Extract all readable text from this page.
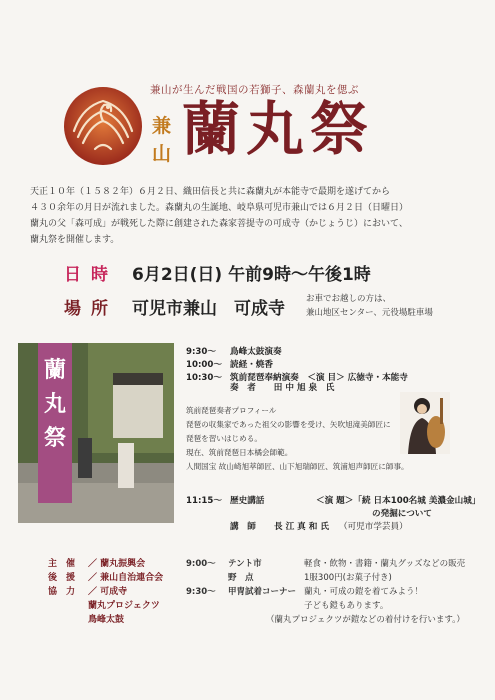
兼山が生んだ戦国の若獅子、森蘭丸を偲ぶ
兼
山 蘭丸祭
天正１０年（１５８２年）６月２日、織田信長と共に森蘭丸が本能寺で最期を遂げてから
４３０余年の月日が流れました。森蘭丸の生誕地、岐阜県可児市兼山では６月２日（日曜日）
蘭丸の父「森可成」が戦死した際に創建された森家菩提寺の可成寺（かじょうじ）において、
蘭丸祭を開催します。
日時 6月2日(日) 午前9時～午後1時
場所 可児市兼山　可成寺 お車でお越しの方は、
兼山地区センター、元役場駐車場
蘭丸祭
9:30～ 鳥峰太鼓演奏
10:00～ 読経・焼香
10:30～ 筑前琵琶奉納演奏　＜演 目＞ 広徳寺・本能寺
奏　者 田 中 旭 泉　氏
筑前琵琶奏者プロフィール
琵琶の収集家であった祖父の影響を受け、矢吹旭滝美師匠に
琵琶を習いはじめる。
現在、筑前琵琶日本橘会師範。
人間国宝 故山崎旭萃師匠、山下旭瑞師匠、筑浦旭声師匠に師事。
11:15～ 歴史講話	＜演 題＞「続 日本100名城 美濃金山城」
の発掘について
講　師 長 江 真 和 氏 （可児市学芸員）
主　催 ／ 蘭丸振興会
後　援 ／ 兼山自治連合会
協　力 ／ 可成寺
蘭丸プロジェクツ
鳥峰太鼓
9:00～ テント市	軽食・飲物・書籍・蘭丸グッズなどの販売
野　点	1服300円(お菓子付き)
9:30～ 甲冑試着コーナー 蘭丸・可成の鎧を着てみよう！
子ども鎧もあります。
（蘭丸プロジェクツが鎧などの着付けを行います。）
